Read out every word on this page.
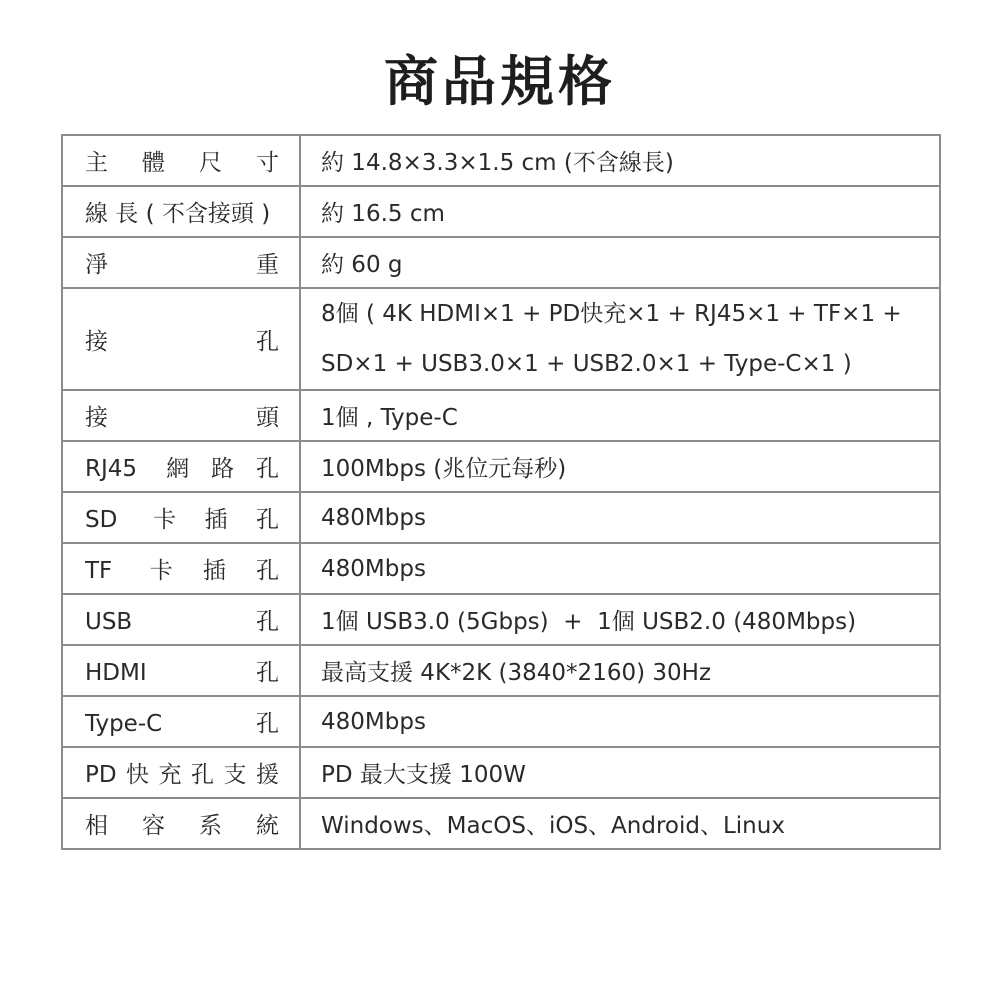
商品規格
主體尺寸	約 14.8×3.3×1.5 cm (不含線長)

線 長 ( 不含接頭 )	約 16.5 cm

淨重	約 60 g

接孔	8個 ( 4K HDMI×1 + PD快充×1 + RJ45×1 + TF×1 +
SD×1 + USB3.0×1 + USB2.0×1 + Type-C×1 )

接頭	1個 , Type-C

RJ45 網路孔	100Mbps (兆位元每秒)

SD 卡插孔	480Mbps

TF 卡插孔	480Mbps

USB 孔	1個 USB3.0 (5Gbps)  +  1個 USB2.0 (480Mbps)

HDMI 孔	最高支援 4K*2K (3840*2160) 30Hz

Type-C 孔	480Mbps

PD快充孔支援	PD 最大支援 100W

相容系統	Windows、MacOS、iOS、Android、Linux
